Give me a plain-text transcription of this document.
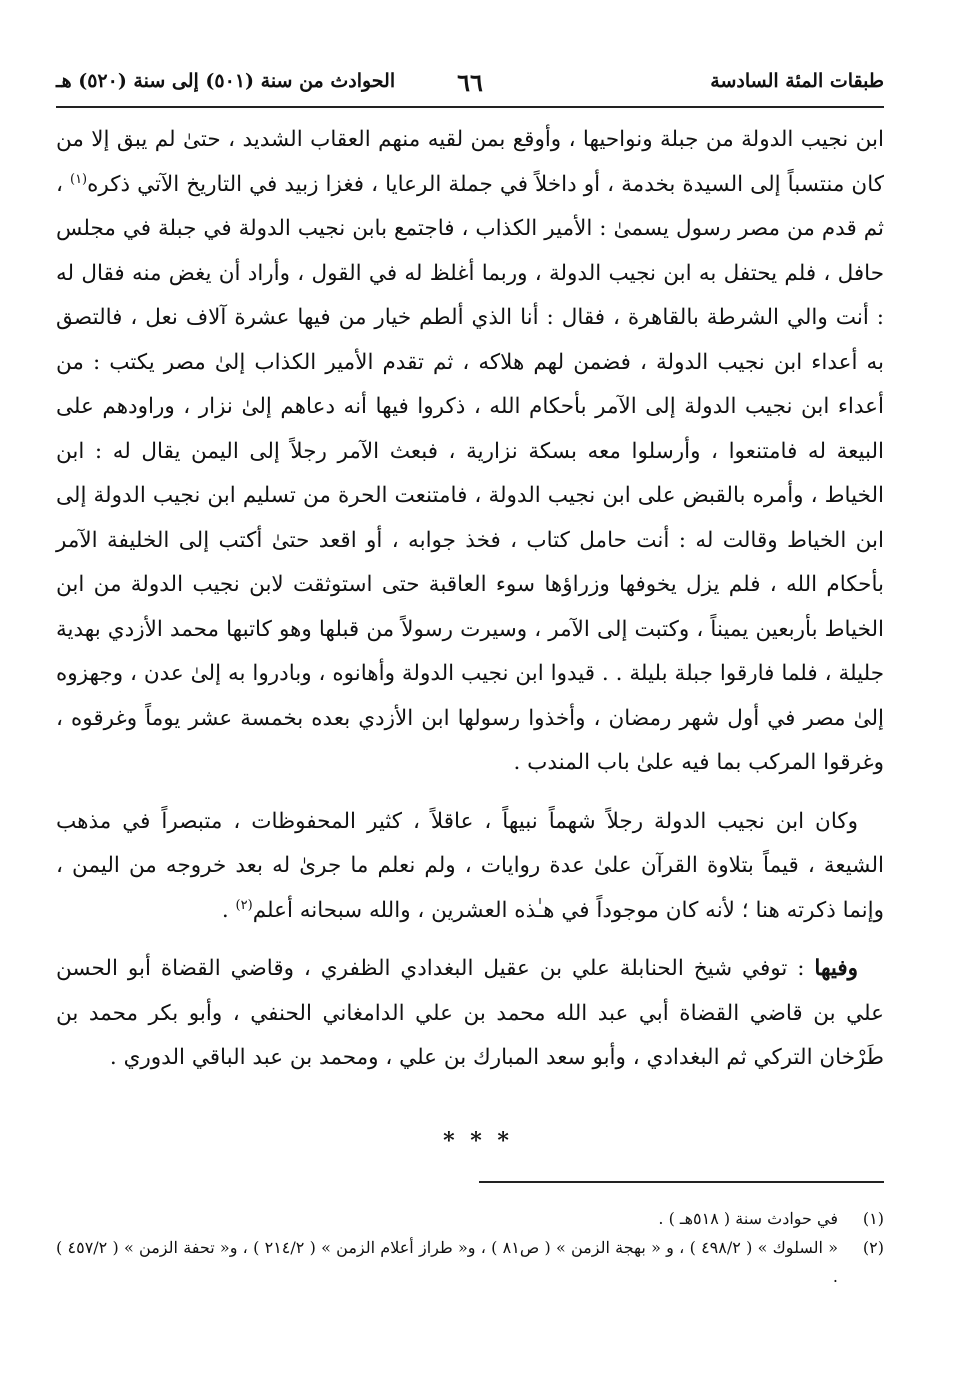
طبقات المئة السادسة
٦٦
الحوادث من سنة (٥٠١) إلى سنة (٥٢٠) هـ

ابن نجيب الدولة من جبلة ونواحيها ، وأوقع بمن لقيه منهم العقاب الشديد ، حتىٰ لم يبق إلا من كان منتسباً إلى السيدة بخدمة ، أو داخلاً في جملة الرعايا ، فغزا زبيد في التاريخ الآتي ذكره$^{(١)}$ ، ثم قدم من مصر رسول يسمىٰ : الأمير الكذاب ، فاجتمع بابن نجيب الدولة في جبلة في مجلس حافل ، فلم يحتفل به ابن نجيب الدولة ، وربما أغلظ له في القول ، وأراد أن يغض منه فقال له : أنت والي الشرطة بالقاهرة ، فقال : أنا الذي ألطم خيار من فيها عشرة آلاف نعل ، فالتصق به أعداء ابن نجيب الدولة ، فضمن لهم هلاكه ، ثم تقدم الأمير الكذاب إلىٰ مصر يكتب : من أعداء ابن نجيب الدولة إلى الآمر بأحكام الله ، ذكروا فيها أنه دعاهم إلىٰ نزار ، وراودهم على البيعة له فامتنعوا ، وأرسلوا معه بسكة نزارية ، فبعث الآمر رجلاً إلى اليمن يقال له : ابن الخياط ، وأمره بالقبض على ابن نجيب الدولة ، فامتنعت الحرة من تسليم ابن نجيب الدولة إلى ابن الخياط وقالت له : أنت حامل كتاب ، فخذ جوابه ، أو اقعد حتىٰ أكتب إلى الخليفة الآمر بأحكام الله ، فلم يزل يخوفها وزراؤها سوء العاقبة حتى استوثقت لابن نجيب الدولة من ابن الخياط بأربعين يميناً ، وكتبت إلى الآمر ، وسيرت رسولاً من قبلها وهو كاتبها محمد الأزدي بهدية جليلة ، فلما فارقوا جبلة بليلة . . قيدوا ابن نجيب الدولة وأهانوه ، وبادروا به إلىٰ عدن ، وجهزوه إلىٰ مصر في أول شهر رمضان ، وأخذوا رسولها ابن الأزدي بعده بخمسة عشر يوماً وغرقوه ، وغرقوا المركب بما فيه علىٰ باب المندب .

وكان ابن نجيب الدولة رجلاً شهماً نبيهاً ، عاقلاً ، كثير المحفوظات ، متبصراً في مذهب الشيعة ، قيماً بتلاوة القرآن علىٰ عدة روايات ، ولم نعلم ما جرىٰ له بعد خروجه من اليمن ، وإنما ذكرته هنا ؛ لأنه كان موجوداً في هـٰذه العشرين ، والله سبحانه أعلم$^{(٢)}$ .

وفيها : توفي شيخ الحنابلة علي بن عقيل البغدادي الظفري ، وقاضي القضاة أبو الحسن علي بن قاضي القضاة أبي عبد الله محمد بن علي الدامغاني الحنفي ، وأبو بكر محمد بن طَرْخان التركي ثم البغدادي ، وأبو سعد المبارك بن علي ، ومحمد بن عبد الباقي الدوري .

* * *
(١)
في حوادث سنة ( ٥١٨هـ ) .
(٢)
« السلوك » ( ٤٩٨/٢ ) ، و « بهجة الزمن » ( ص٨١ ) ، و« طراز أعلام الزمن » ( ٢١٤/٢ ) ، و« تحفة الزمن » ( ٤٥٧/٢ ) .
